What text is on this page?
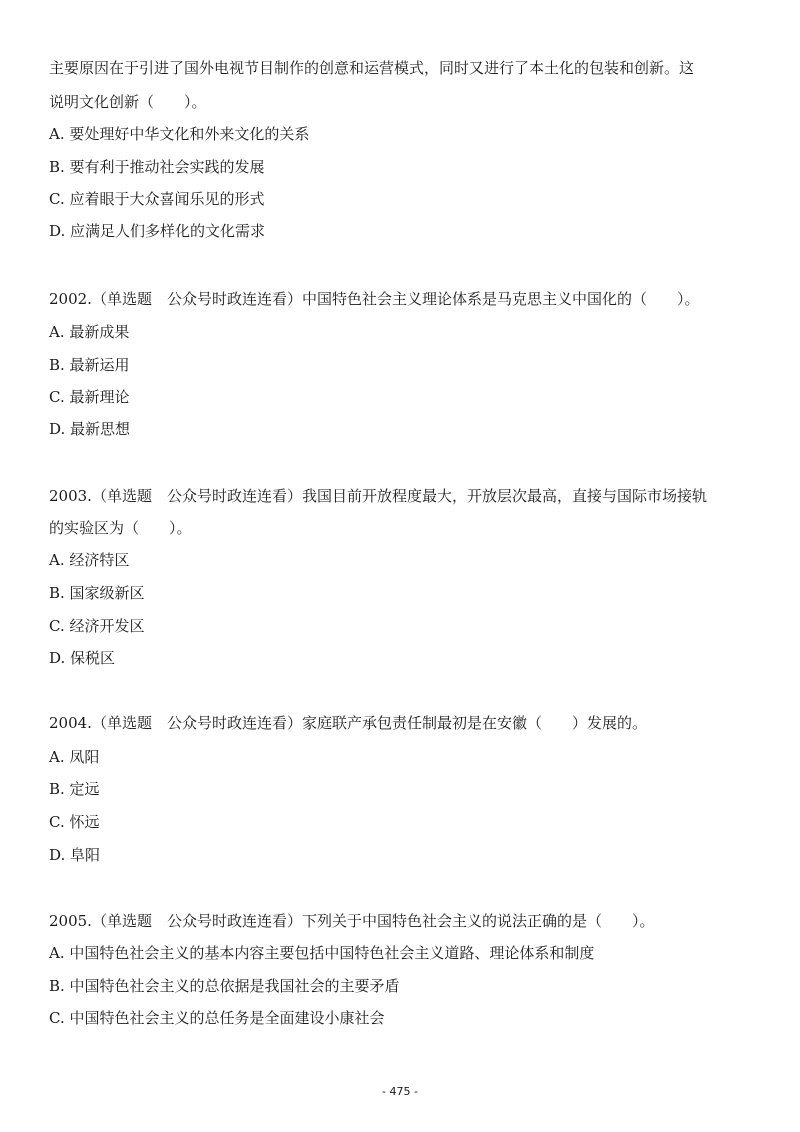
主要原因在于引进了国外电视节目制作的创意和运营模式，同时又进行了本土化的包装和创新。这
说明文化创新（　　）。
A. 要处理好中华文化和外来文化的关系
B. 要有利于推动社会实践的发展
C. 应着眼于大众喜闻乐见的形式
D. 应满足人们多样化的文化需求
2002.（单选题　公众号时政连连看）中国特色社会主义理论体系是马克思主义中国化的（　　）。
A. 最新成果
B. 最新运用
C. 最新理论
D. 最新思想
2003.（单选题　公众号时政连连看）我国目前开放程度最大，开放层次最高，直接与国际市场接轨
的实验区为（　　）。
A. 经济特区
B. 国家级新区
C. 经济开发区
D. 保税区
2004.（单选题　公众号时政连连看）家庭联产承包责任制最初是在安徽（　　）发展的。
A. 凤阳
B. 定远
C. 怀远
D. 阜阳
2005.（单选题　公众号时政连连看）下列关于中国特色社会主义的说法正确的是（　　）。
A. 中国特色社会主义的基本内容主要包括中国特色社会主义道路、理论体系和制度
B. 中国特色社会主义的总依据是我国社会的主要矛盾
C. 中国特色社会主义的总任务是全面建设小康社会
- 475 -
